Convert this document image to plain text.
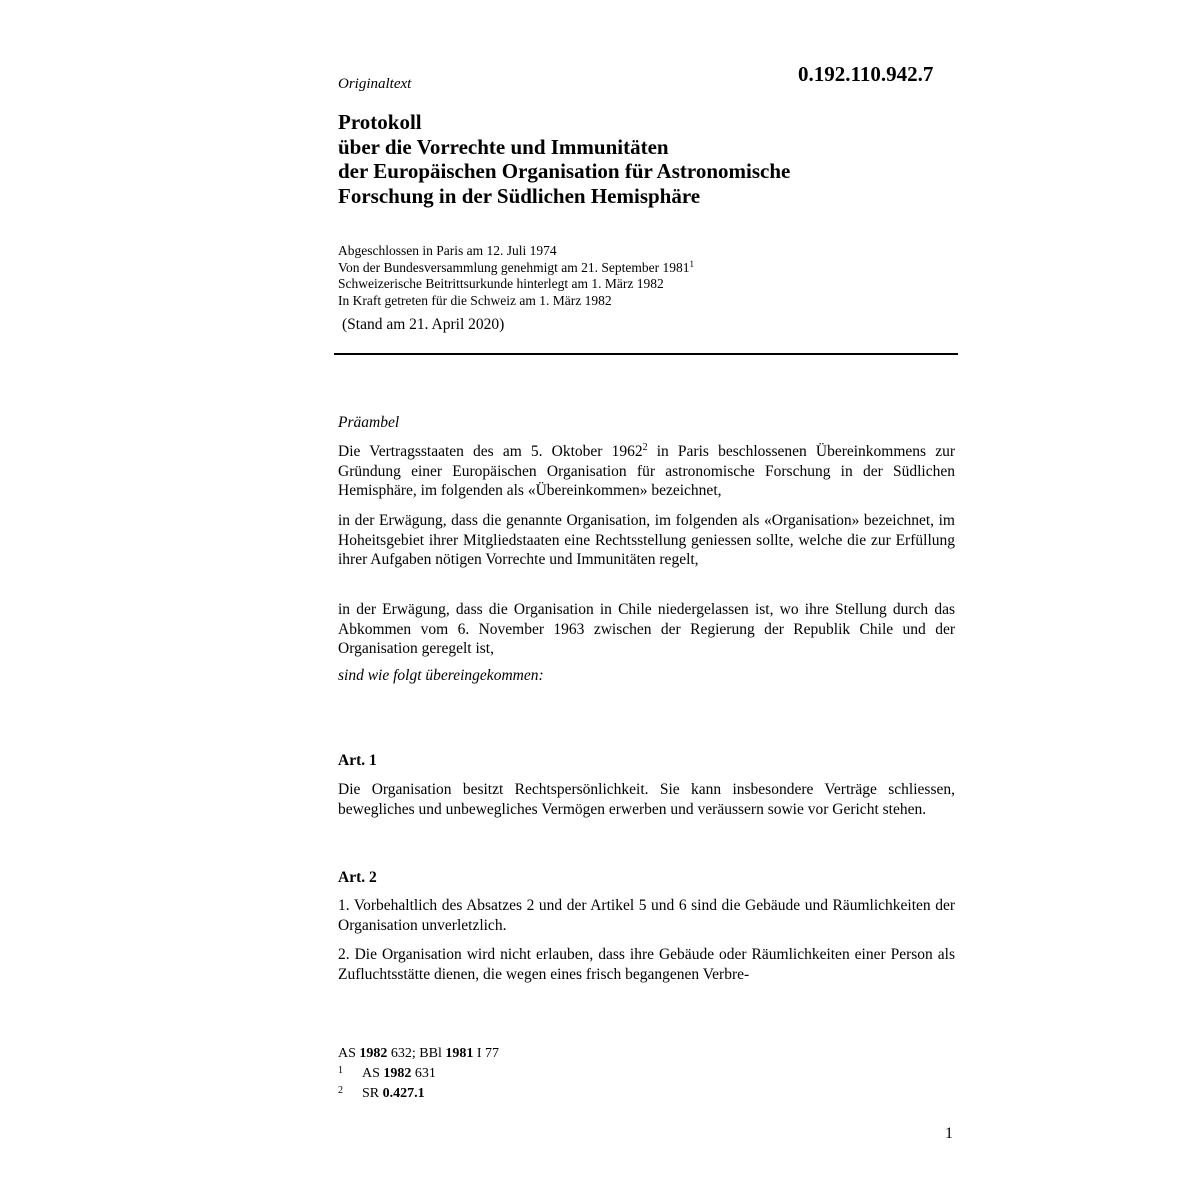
0.192.110.942.7
Originaltext
Protokoll
über die Vorrechte und Immunitäten
der Europäischen Organisation für Astronomische
Forschung in der Südlichen Hemisphäre
Abgeschlossen in Paris am 12. Juli 1974
Von der Bundesversammlung genehmigt am 21. September 1981$^1$
Schweizerische Beitrittsurkunde hinterlegt am 1. März 1982
In Kraft getreten für die Schweiz am 1. März 1982
(Stand am 21. April 2020)
Präambel
Die Vertragsstaaten des am 5. Oktober 1962$^2$ in Paris beschlossenen Übereinkommens zur Gründung einer Europäischen Organisation für astronomische Forschung in der Südlichen Hemisphäre, im folgenden als «Übereinkommen» bezeichnet,
in der Erwägung, dass die genannte Organisation, im folgenden als «Organisation» bezeichnet, im Hoheitsgebiet ihrer Mitgliedstaaten eine Rechtsstellung geniessen sollte, welche die zur Erfüllung ihrer Aufgaben nötigen Vorrechte und Immunitäten regelt,
in der Erwägung, dass die Organisation in Chile niedergelassen ist, wo ihre Stellung durch das Abkommen vom 6. November 1963 zwischen der Regierung der Republik Chile und der Organisation geregelt ist,
sind wie folgt übereingekommen:
Art. 1
Die Organisation besitzt Rechtspersönlichkeit. Sie kann insbesondere Verträge schliessen, bewegliches und unbewegliches Vermögen erwerben und veräussern sowie vor Gericht stehen.
Art. 2
1. Vorbehaltlich des Absatzes 2 und der Artikel 5 und 6 sind die Gebäude und Räumlichkeiten der Organisation unverletzlich.
2. Die Organisation wird nicht erlauben, dass ihre Gebäude oder Räumlichkeiten einer Person als Zufluchtsstätte dienen, die wegen eines frisch begangenen Verbre-
AS 1982 632; BBl 1981 I 77
1 AS 1982 631
2 SR 0.427.1
1
